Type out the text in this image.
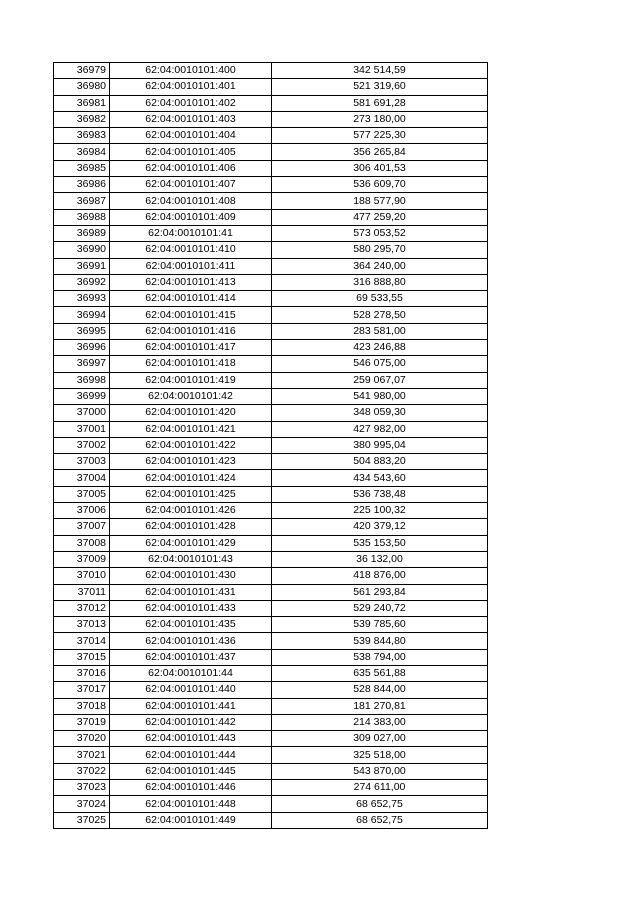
36979	62:04:0010101:400	342 514,59
36980	62:04:0010101:401	521 319,60
36981	62:04:0010101:402	581 691,28
36982	62:04:0010101:403	273 180,00
36983	62:04:0010101:404	577 225,30
36984	62:04:0010101:405	356 265,84
36985	62:04:0010101:406	306 401,53
36986	62:04:0010101:407	536 609,70
36987	62:04:0010101:408	188 577,90
36988	62:04:0010101:409	477 259,20
36989	62:04:0010101:41	573 053,52
36990	62:04:0010101:410	580 295,70
36991	62:04:0010101:411	364 240,00
36992	62:04:0010101:413	316 888,80
36993	62:04:0010101:414	69 533,55
36994	62:04:0010101:415	528 278,50
36995	62:04:0010101:416	283 581,00
36996	62:04:0010101:417	423 246,88
36997	62:04:0010101:418	546 075,00
36998	62:04:0010101:419	259 067,07
36999	62:04:0010101:42	541 980,00
37000	62:04:0010101:420	348 059,30
37001	62:04:0010101:421	427 982,00
37002	62:04:0010101:422	380 995,04
37003	62:04:0010101:423	504 883,20
37004	62:04:0010101:424	434 543,60
37005	62:04:0010101:425	536 738,48
37006	62:04:0010101:426	225 100,32
37007	62:04:0010101:428	420 379,12
37008	62:04:0010101:429	535 153,50
37009	62:04:0010101:43	36 132,00
37010	62:04:0010101:430	418 876,00
37011	62:04:0010101:431	561 293,84
37012	62:04:0010101:433	529 240,72
37013	62:04:0010101:435	539 785,60
37014	62:04:0010101:436	539 844,80
37015	62:04:0010101:437	538 794,00
37016	62:04:0010101:44	635 561,88
37017	62:04:0010101:440	528 844,00
37018	62:04:0010101:441	181 270,81
37019	62:04:0010101:442	214 383,00
37020	62:04:0010101:443	309 027,00
37021	62:04:0010101:444	325 518,00
37022	62:04:0010101:445	543 870,00
37023	62:04:0010101:446	274 611,00
37024	62:04:0010101:448	68 652,75
37025	62:04:0010101:449	68 652,75
